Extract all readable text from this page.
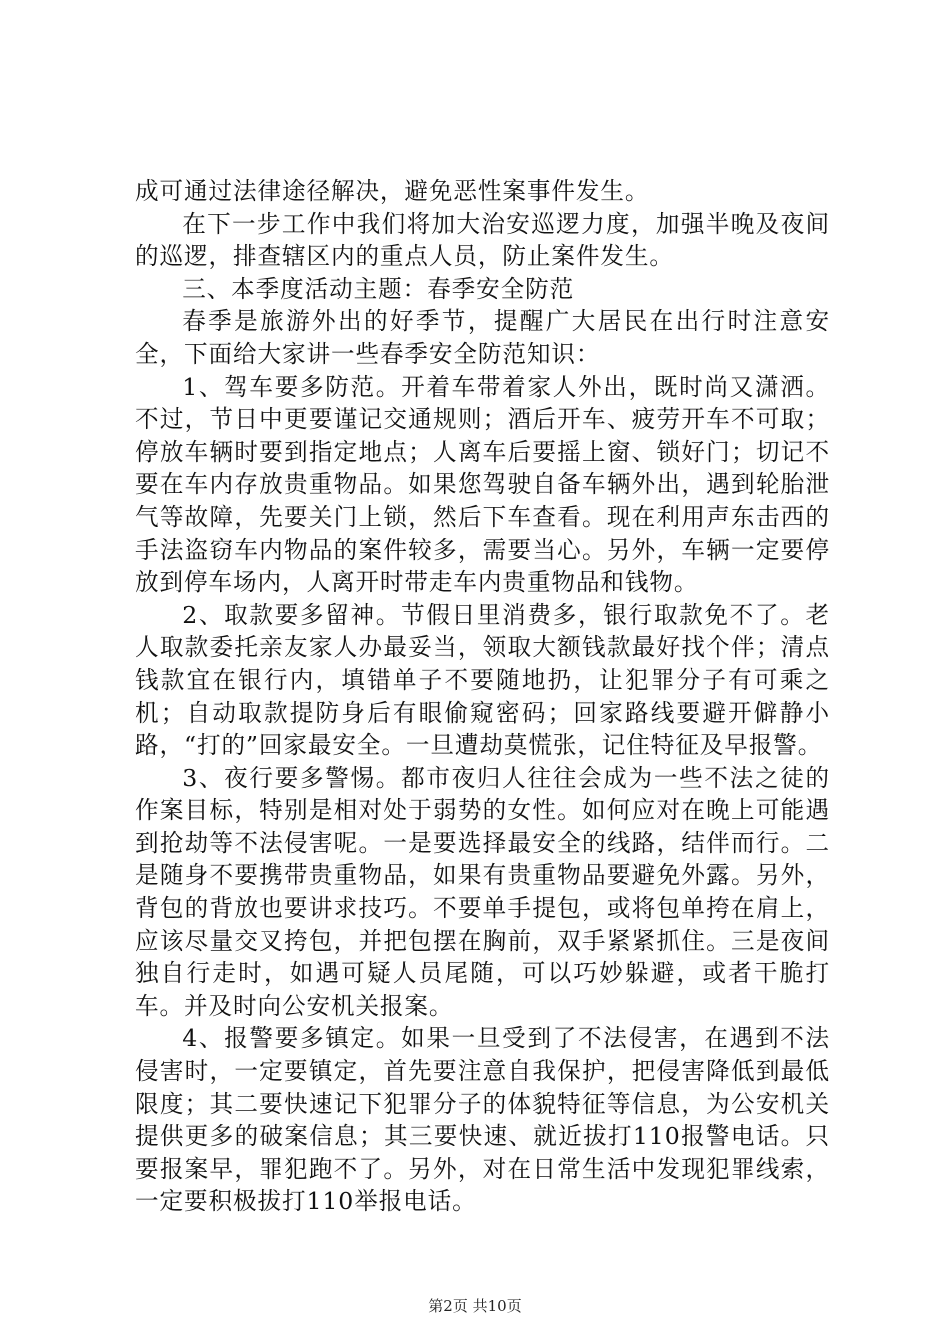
成可通过法律途径解决，避免恶性案事件发生。

在下一步工作中我们将加大治安巡逻力度，加强半晚及夜间的巡逻，排查辖区内的重点人员，防止案件发生。

三、本季度活动主题：春季安全防范

春季是旅游外出的好季节，提醒广大居民在出行时注意安全，下面给大家讲一些春季安全防范知识：

1、驾车要多防范。开着车带着家人外出，既时尚又潇洒。不过，节日中更要谨记交通规则；酒后开车、疲劳开车不可取；停放车辆时要到指定地点；人离车后要摇上窗、锁好门；切记不要在车内存放贵重物品。如果您驾驶自备车辆外出，遇到轮胎泄气等故障，先要关门上锁，然后下车查看。现在利用声东击西的手法盗窃车内物品的案件较多，需要当心。另外，车辆一定要停放到停车场内，人离开时带走车内贵重物品和钱物。

2、取款要多留神。节假日里消费多，银行取款免不了。老人取款委托亲友家人办最妥当，领取大额钱款最好找个伴；清点钱款宜在银行内，填错单子不要随地扔，让犯罪分子有可乘之机；自动取款提防身后有眼偷窥密码；回家路线要避开僻静小路，“打的”回家最安全。一旦遭劫莫慌张，记住特征及早报警。

3、夜行要多警惕。都市夜归人往往会成为一些不法之徒的作案目标，特别是相对处于弱势的女性。如何应对在晚上可能遇到抢劫等不法侵害呢。一是要选择最安全的线路，结伴而行。二是随身不要携带贵重物品，如果有贵重物品要避免外露。另外，背包的背放也要讲求技巧。不要单手提包，或将包单挎在肩上，应该尽量交叉挎包，并把包摆在胸前，双手紧紧抓住。三是夜间独自行走时，如遇可疑人员尾随，可以巧妙躲避，或者干脆打车。并及时向公安机关报案。

4、报警要多镇定。如果一旦受到了不法侵害，在遇到不法侵害时，一定要镇定，首先要注意自我保护，把侵害降低到最低限度；其二要快速记下犯罪分子的体貌特征等信息，为公安机关提供更多的破案信息；其三要快速、就近拔打110报警电话。只要报案早，罪犯跑不了。另外，对在日常生活中发现犯罪线索，一定要积极拔打110举报电话。

第2页 共10页
